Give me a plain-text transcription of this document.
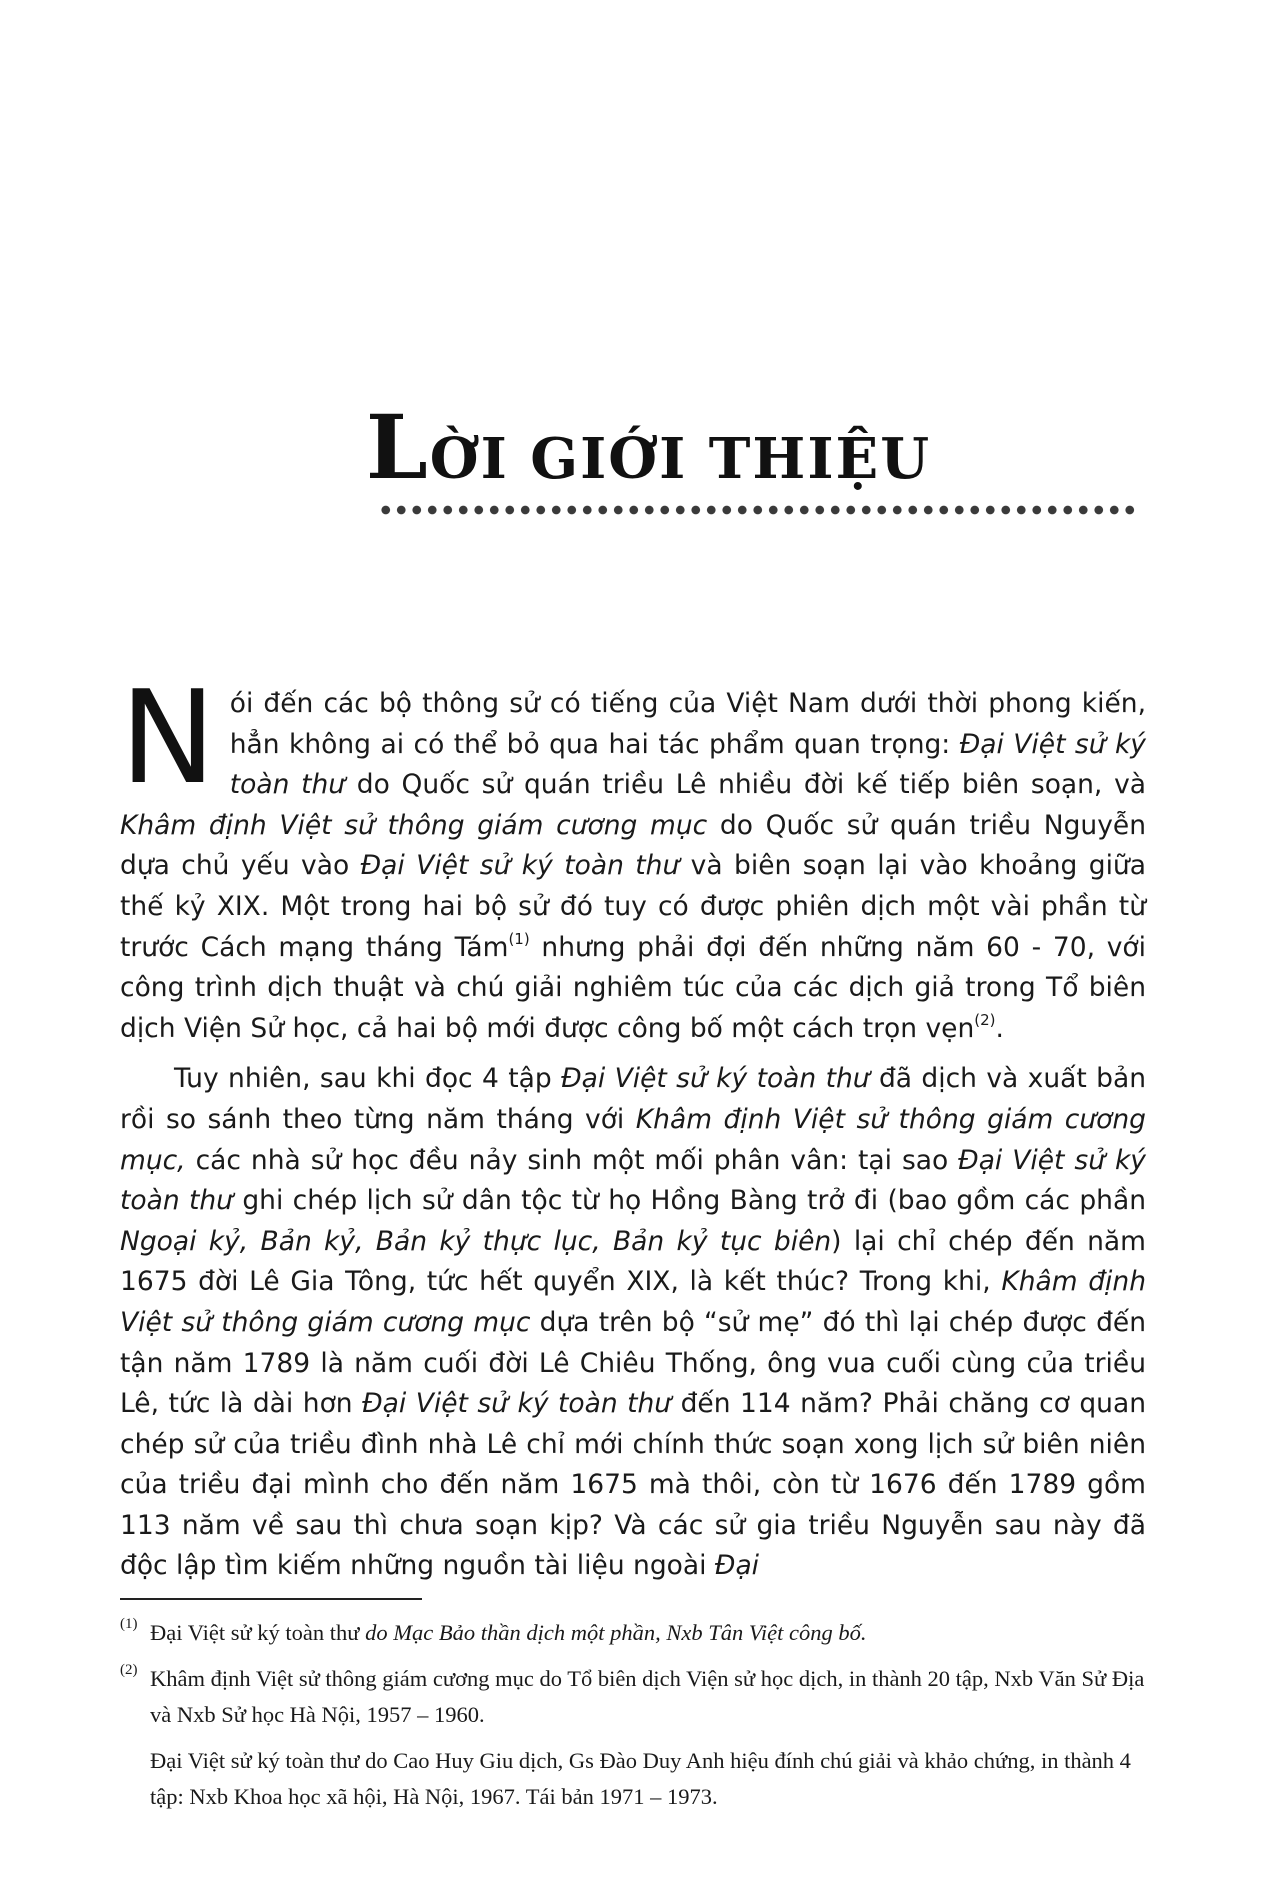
LỜI GIỚI THIỆU

Nói đến các bộ thông sử có tiếng của Việt Nam dưới thời phong kiến, hẳn không ai có thể bỏ qua hai tác phẩm quan trọng: Đại Việt sử ký toàn thư do Quốc sử quán triều Lê nhiều đời kế tiếp biên soạn, và Khâm định Việt sử thông giám cương mục do Quốc sử quán triều Nguyễn dựa chủ yếu vào Đại Việt sử ký toàn thư và biên soạn lại vào khoảng giữa thế kỷ XIX. Một trong hai bộ sử đó tuy có được phiên dịch một vài phần từ trước Cách mạng tháng Tám$^{(1)}$ nhưng phải đợi đến những năm 60 - 70, với công trình dịch thuật và chú giải nghiêm túc của các dịch giả trong Tổ biên dịch Viện Sử học, cả hai bộ mới được công bố một cách trọn vẹn$^{(2)}$.

Tuy nhiên, sau khi đọc 4 tập Đại Việt sử ký toàn thư đã dịch và xuất bản rồi so sánh theo từng năm tháng với Khâm định Việt sử thông giám cương mục, các nhà sử học đều nảy sinh một mối phân vân: tại sao Đại Việt sử ký toàn thư ghi chép lịch sử dân tộc từ họ Hồng Bàng trở đi (bao gồm các phần Ngoại kỷ, Bản kỷ, Bản kỷ thực lục, Bản kỷ tục biên) lại chỉ chép đến năm 1675 đời Lê Gia Tông, tức hết quyển XIX, là kết thúc? Trong khi, Khâm định Việt sử thông giám cương mục dựa trên bộ “sử mẹ” đó thì lại chép được đến tận năm 1789 là năm cuối đời Lê Chiêu Thống, ông vua cuối cùng của triều Lê, tức là dài hơn Đại Việt sử ký toàn thư đến 114 năm? Phải chăng cơ quan chép sử của triều đình nhà Lê chỉ mới chính thức soạn xong lịch sử biên niên của triều đại mình cho đến năm 1675 mà thôi, còn từ 1676 đến 1789 gồm 113 năm về sau thì chưa soạn kịp? Và các sử gia triều Nguyễn sau này đã độc lập tìm kiếm những nguồn tài liệu ngoài Đại

(1) Đại Việt sử ký toàn thư do Mạc Bảo thần dịch một phần, Nxb Tân Việt công bố.
(2) Khâm định Việt sử thông giám cương mục do Tổ biên dịch Viện sử học dịch, in thành 20 tập, Nxb Văn Sử Địa và Nxb Sử học Hà Nội, 1957 – 1960.
Đại Việt sử ký toàn thư do Cao Huy Giu dịch, Gs Đào Duy Anh hiệu đính chú giải và khảo chứng, in thành 4 tập: Nxb Khoa học xã hội, Hà Nội, 1967. Tái bản 1971 – 1973.
